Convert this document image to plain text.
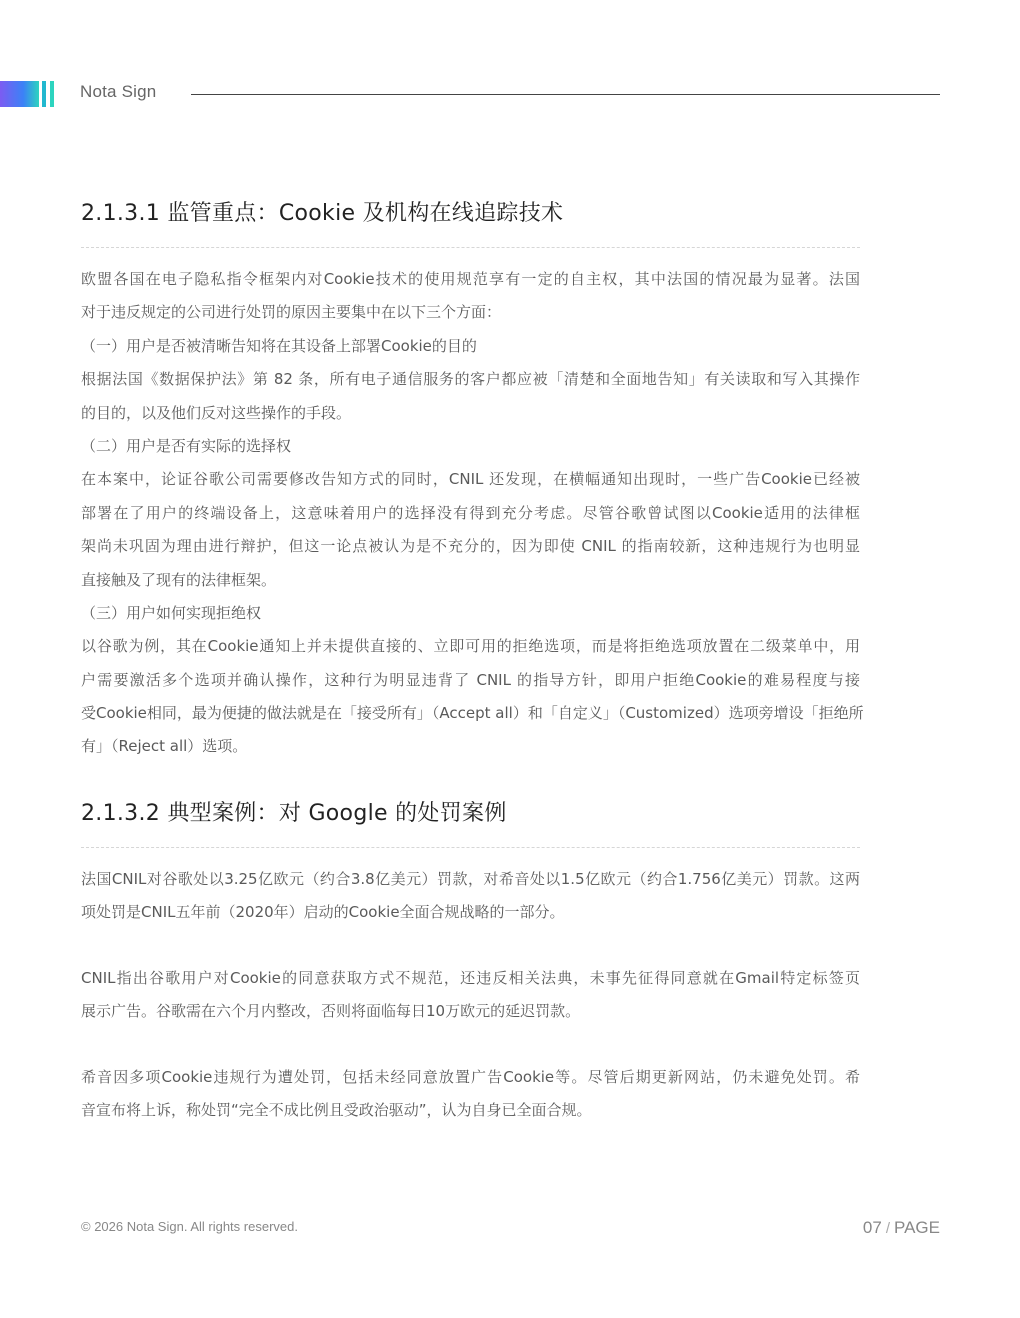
Nota Sign
2.1.3.1 监管重点：Cookie 及机构在线追踪技术
欧盟各国在电子隐私指令框架内对Cookie技术的使用规范享有一定的自主权，其中法国的情况最为显著。法国
对于违反规定的公司进行处罚的原因主要集中在以下三个方面：
（一）用户是否被清晰告知将在其设备上部署Cookie的目的
根据法国《数据保护法》第 82 条，所有电子通信服务的客户都应被「清楚和全面地告知」有关读取和写入其操作
的目的，以及他们反对这些操作的手段。
（二）用户是否有实际的选择权
在本案中，论证谷歌公司需要修改告知方式的同时，CNIL 还发现，在横幅通知出现时，一些广告Cookie已经被
部署在了用户的终端设备上，这意味着用户的选择没有得到充分考虑。尽管谷歌曾试图以Cookie适用的法律框
架尚未巩固为理由进行辩护，但这一论点被认为是不充分的，因为即使 CNIL 的指南较新，这种违规行为也明显
直接触及了现有的法律框架。
（三）用户如何实现拒绝权
以谷歌为例，其在Cookie通知上并未提供直接的、立即可用的拒绝选项，而是将拒绝选项放置在二级菜单中，用
户需要激活多个选项并确认操作，这种行为明显违背了 CNIL 的指导方针，即用户拒绝Cookie的难易程度与接
受Cookie相同，最为便捷的做法就是在「接受所有」（Accept all）和「自定义」（Customized）选项旁增设「拒绝所
有」（Reject all）选项。
2.1.3.2 典型案例：对 Google 的处罚案例
法国CNIL对谷歌处以3.25亿欧元（约合3.8亿美元）罚款，对希音处以1.5亿欧元（约合1.756亿美元）罚款。这两
项处罚是CNIL五年前（2020年）启动的Cookie全面合规战略的一部分。
CNIL指出谷歌用户对Cookie的同意获取方式不规范，还违反相关法典，未事先征得同意就在Gmail特定标签页
展示广告。谷歌需在六个月内整改，否则将面临每日10万欧元的延迟罚款。
希音因多项Cookie违规行为遭处罚，包括未经同意放置广告Cookie等。尽管后期更新网站，仍未避免处罚。希
音宣布将上诉，称处罚“完全不成比例且受政治驱动”，认为自身已全面合规。
© 2026 Nota Sign. All rights reserved.	07 / PAGE
